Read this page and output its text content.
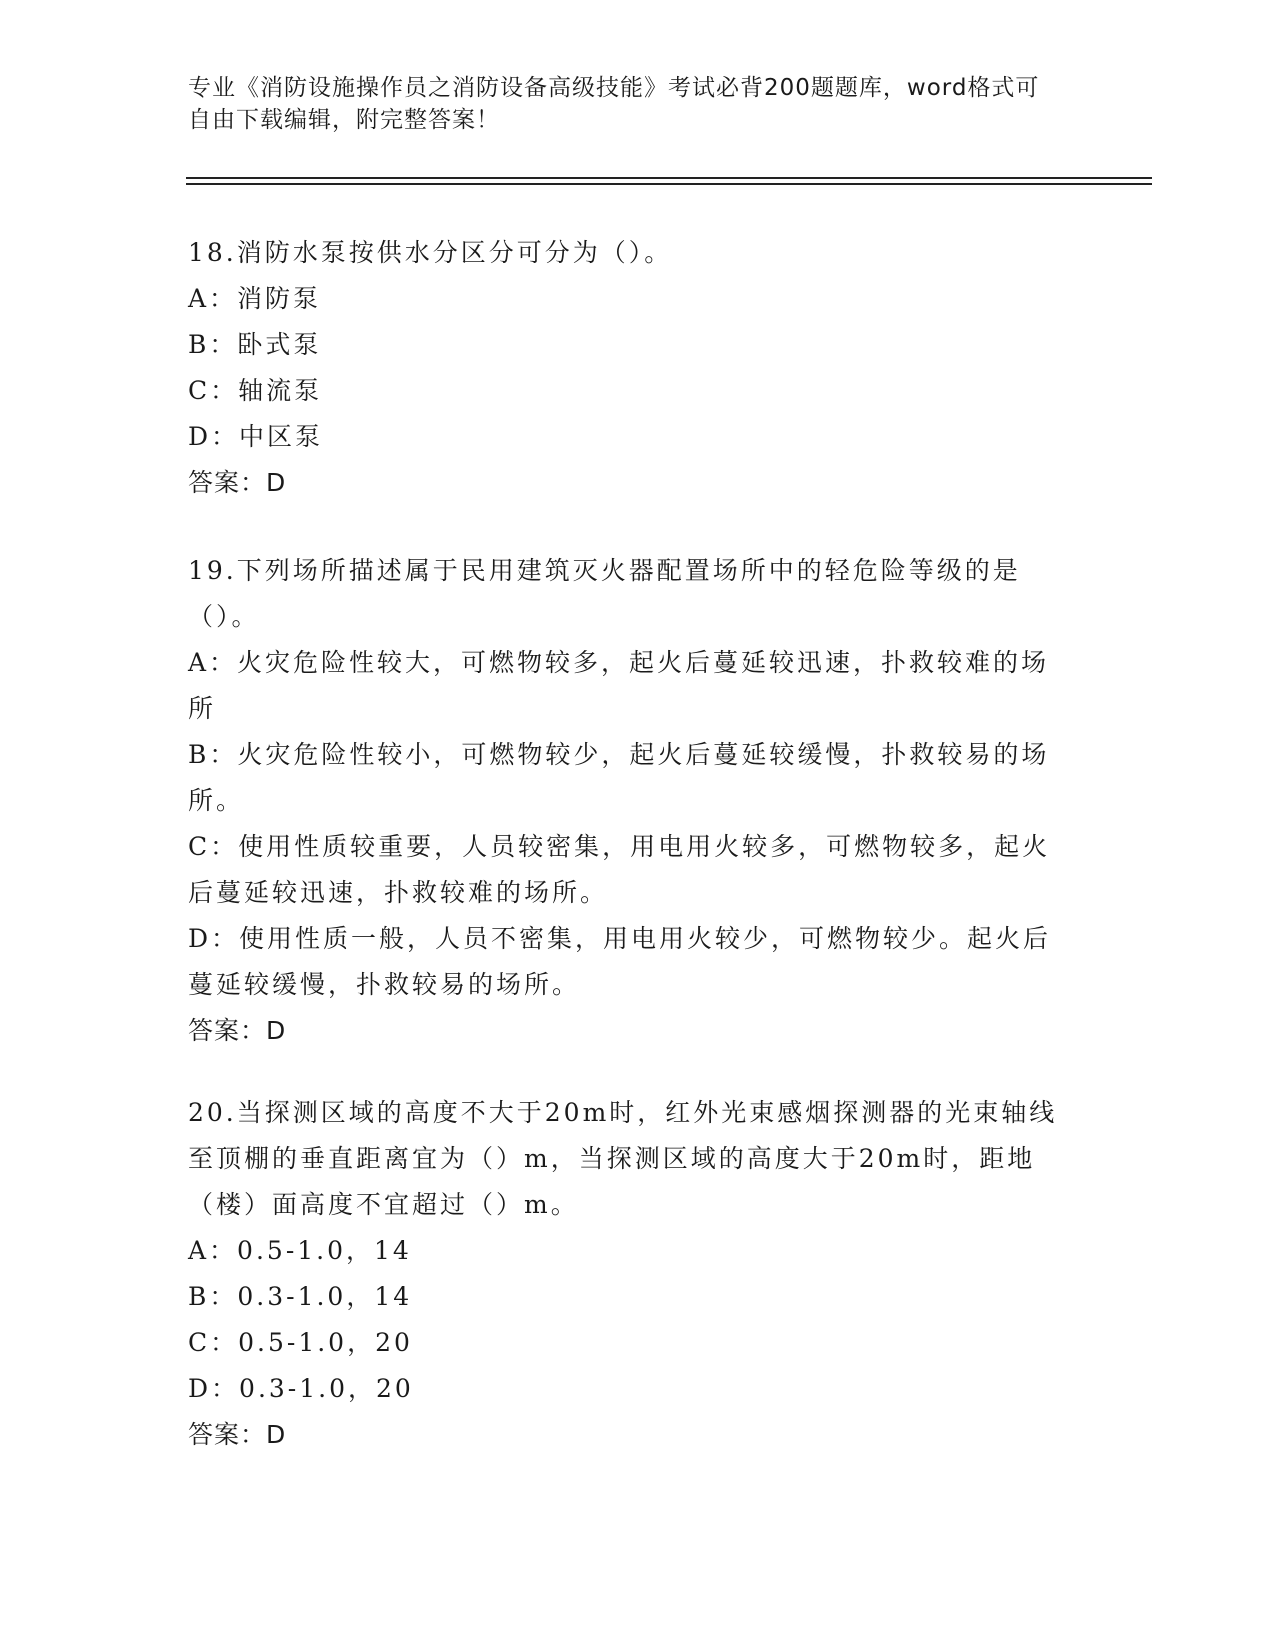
专业《消防设施操作员之消防设备高级技能》考试必背200题题库，word格式可
自由下载编辑，附完整答案！

18.消防水泵按供水分区分可分为（）。

A：消防泵

B：卧式泵

C：轴流泵

D：中区泵

答案：D

19.下列场所描述属于民用建筑灭火器配置场所中的轻危险等级的是（）。

A：火灾危险性较大，可燃物较多，起火后蔓延较迅速，扑救较难的场所

B：火灾危险性较小，可燃物较少，起火后蔓延较缓慢，扑救较易的场所。

C：使用性质较重要，人员较密集，用电用火较多，可燃物较多，起火后蔓延较迅速，扑救较难的场所。

D：使用性质一般，人员不密集，用电用火较少，可燃物较少。起火后蔓延较缓慢，扑救较易的场所。

答案：D

20.当探测区域的高度不大于20m时，红外光束感烟探测器的光束轴线至顶棚的垂直距离宜为（）m，当探测区域的高度大于20m时，距地（楼）面高度不宜超过（）m。

A：0.5-1.0，14

B：0.3-1.0，14

C：0.5-1.0，20

D：0.3-1.0，20

答案：D
